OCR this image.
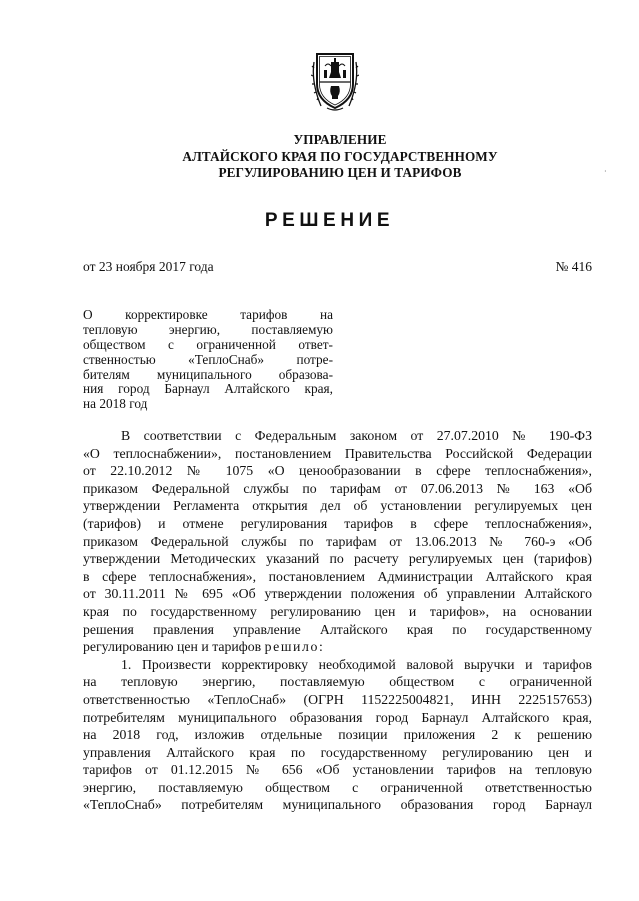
УПРАВЛЕНИЕ
АЛТАЙСКОГО КРАЯ ПО ГОСУДАРСТВЕННОМУ
РЕГУЛИРОВАНИЮ ЦЕН И ТАРИФОВ	·
РЕШЕНИЕ
от 23 ноября 2017 года	№ 416
О корректировке тарифов на
тепловую энергию, поставляемую
обществом с ограниченной ответ-
ственностью «ТеплоСнаб» потре-
бителям муниципального образова-
ния город Барнаул Алтайского края,
на 2018 год
В соответствии с Федеральным законом от 27.07.2010 № 190-ФЗ
«О теплоснабжении», постановлением Правительства Российской Федерации
от 22.10.2012 № 1075 «О ценообразовании в сфере теплоснабжения»,
приказом Федеральной службы по тарифам от 07.06.2013 № 163 «Об
утверждении Регламента открытия дел об установлении регулируемых цен
(тарифов) и отмене регулирования тарифов в сфере теплоснабжения»,
приказом Федеральной службы по тарифам от 13.06.2013 № 760-э «Об
утверждении Методических указаний по расчету регулируемых цен (тарифов)
в сфере теплоснабжения», постановлением Администрации Алтайского края
от 30.11.2011 № 695 «Об утверждении положения об управлении Алтайского
края по государственному регулированию цен и тарифов», на основании
решения правления управление Алтайского края по государственному
регулированию цен и тарифов решило:
1. Произвести корректировку необходимой валовой выручки и тарифов
на тепловую энергию, поставляемую обществом с ограниченной
ответственностью «ТеплоСнаб» (ОГРН 1152225004821, ИНН 2225157653)
потребителям муниципального образования город Барнаул Алтайского края,
на 2018 год, изложив отдельные позиции приложения 2 к решению
управления Алтайского края по государственному регулированию цен и
тарифов от 01.12.2015 № 656 «Об установлении тарифов на тепловую
энергию, поставляемую обществом с ограниченной ответственностью
«ТеплоСнаб» потребителям муниципального образования город Барнаул
